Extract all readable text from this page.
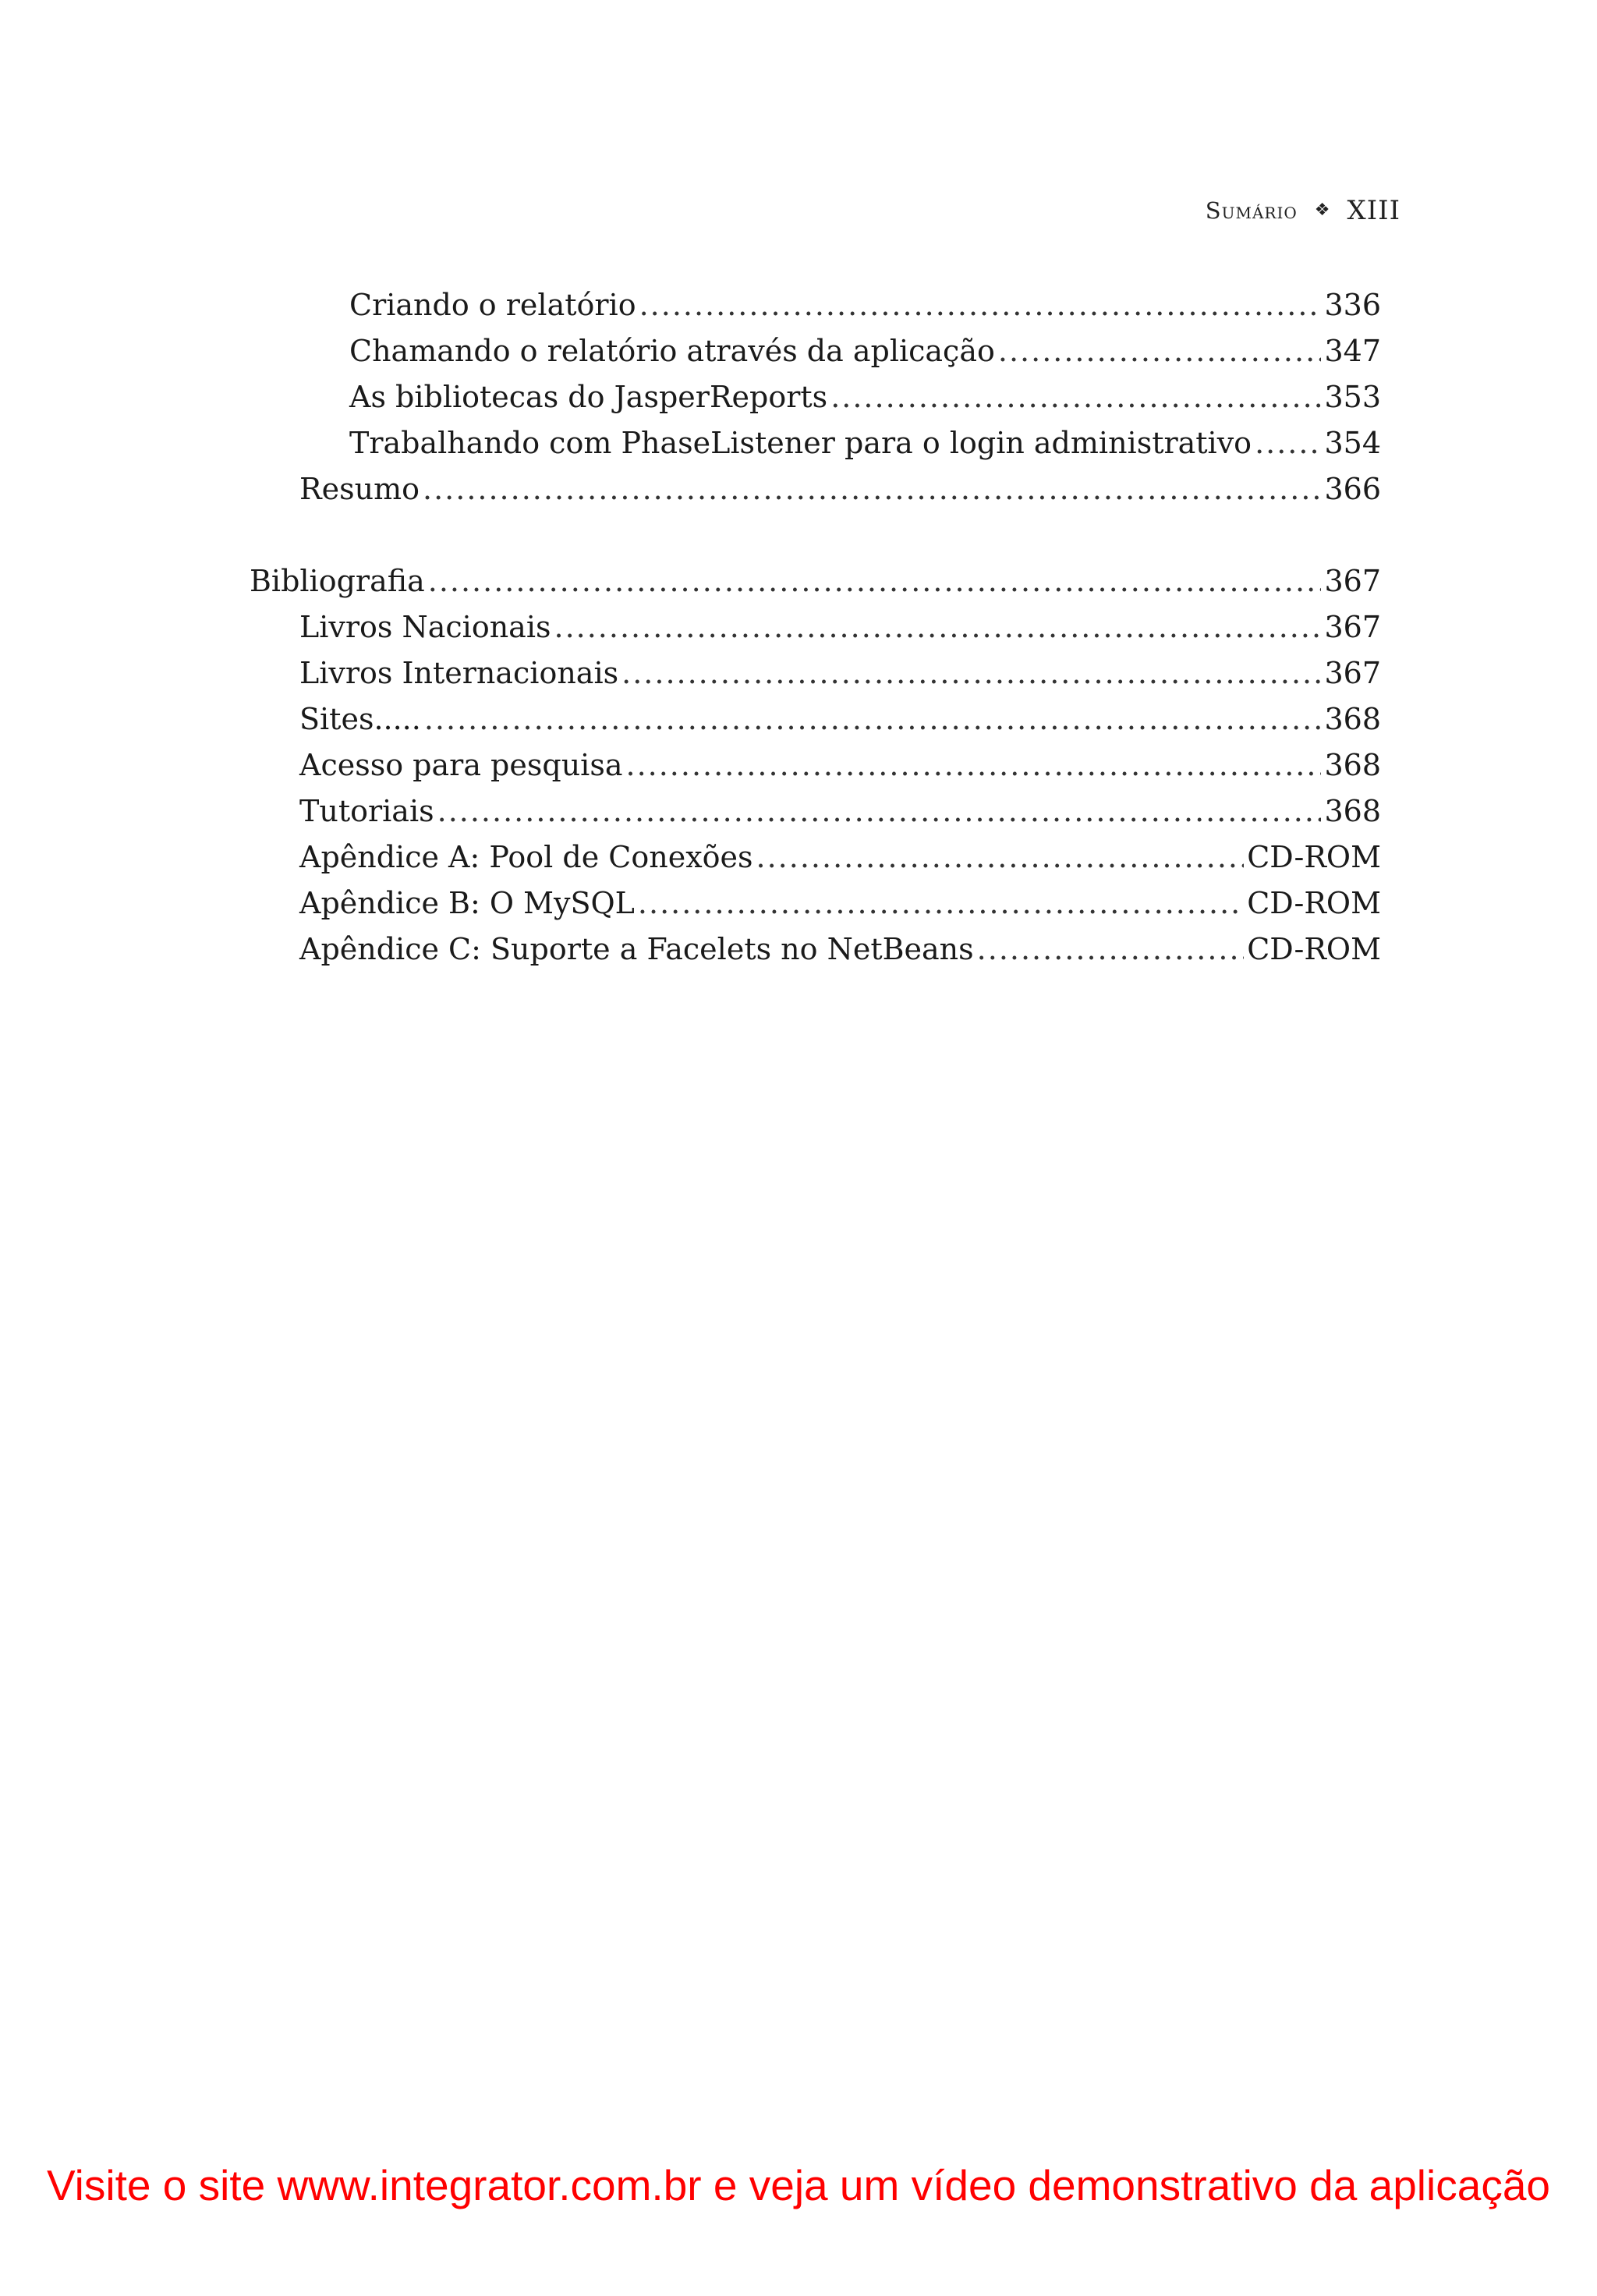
Sumário ❖ XIII
Criando o relatório .....	336
Chamando o relatório através da aplicação .....	347
As bibliotecas do JasperReports .....	353
Trabalhando com PhaseListener para o login administrativo ..... 354
Resumo .....	366
Bibliografia .....	367
Livros Nacionais .....	367
Livros Internacionais .....	367
Sites..... .....	368
Acesso para pesquisa .....	368
Tutoriais .....	368
Apêndice A: Pool de Conexões .....	CD-ROM
Apêndice B: O MySQL .....	CD-ROM
Apêndice C: Suporte a Facelets no NetBeans .....	CD-ROM
Visite o site www.integrator.com.br e veja um vídeo demonstrativo da aplicação
